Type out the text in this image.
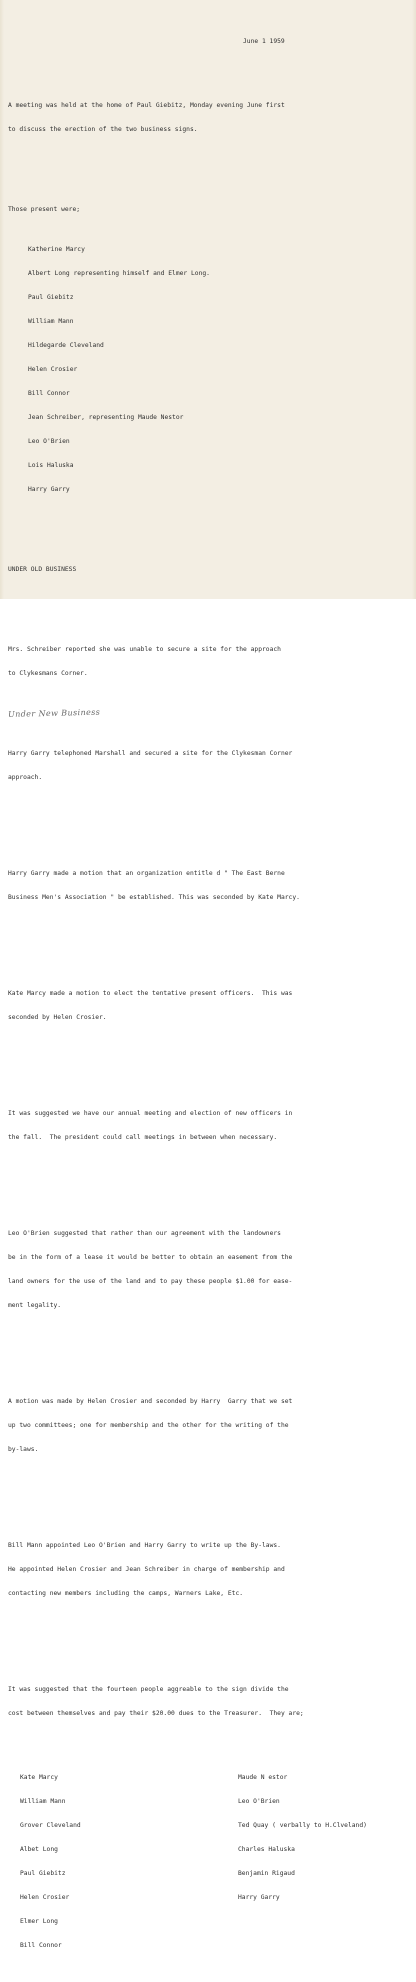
June 1 1959

A meeting was held at the home of Paul Giebitz, Monday evening June first

to discuss the erection of the two business signs.

Those present were;

Katherine Marcy

Albert Long representing himself and Elmer Long.

Paul Giebitz

William Mann

Hildegarde Cleveland

Helen Crosier

Bill Connor

Jean Schreiber, representing Maude Nestor

Leo O'Brien

Lois Haluska

Harry Garry

UNDER OLD BUSINESS

Mrs. Schreiber reported she was unable to secure a site for the approach

to Clykesmans Corner.

Under New Business

Harry Garry telephoned Marshall and secured a site for the Clykesman Corner

approach.

Harry Garry made a motion that an organization entitle d " The East Berne

Business Men's Association " be established. This was seconded by Kate Marcy.

Kate Marcy made a motion to elect the tentative present officers.  This was

seconded by Helen Crosier.

It was suggested we have our annual meeting and election of new officers in

the fall.  The president could call meetings in between when necessary.

Leo O'Brien suggested that rather than our agreement with the landowners

be in the form of a lease it would be better to obtain an easement from the

land owners for the use of the land and to pay these people $1.00 for ease-

ment legality.

A motion was made by Helen Crosier and seconded by Harry  Garry that we set

up two committees; one for membership and the other for the writing of the

by-laws.

Bill Mann appointed Leo O'Brien and Harry Garry to write up the By-laws.

He appointed Helen Crosier and Jean Schreiber in charge of membership and

contacting new members including the camps, Warners Lake, Etc.

It was suggested that the fourteen people aggreable to the sign divide the

cost between themselves and pay their $20.00 dues to the Treasurer.  They are;

Kate Marcy

William Mann

Grover Cleveland

Albet Long

Paul Giebitz

Helen Crosier

Elmer Long

Bill Connor

Maude N estor

Leo O'Brien

Ted Quay ( verbally to H.Clveland)

Charles Haluska

Benjamin Rigaud

Harry Garry
